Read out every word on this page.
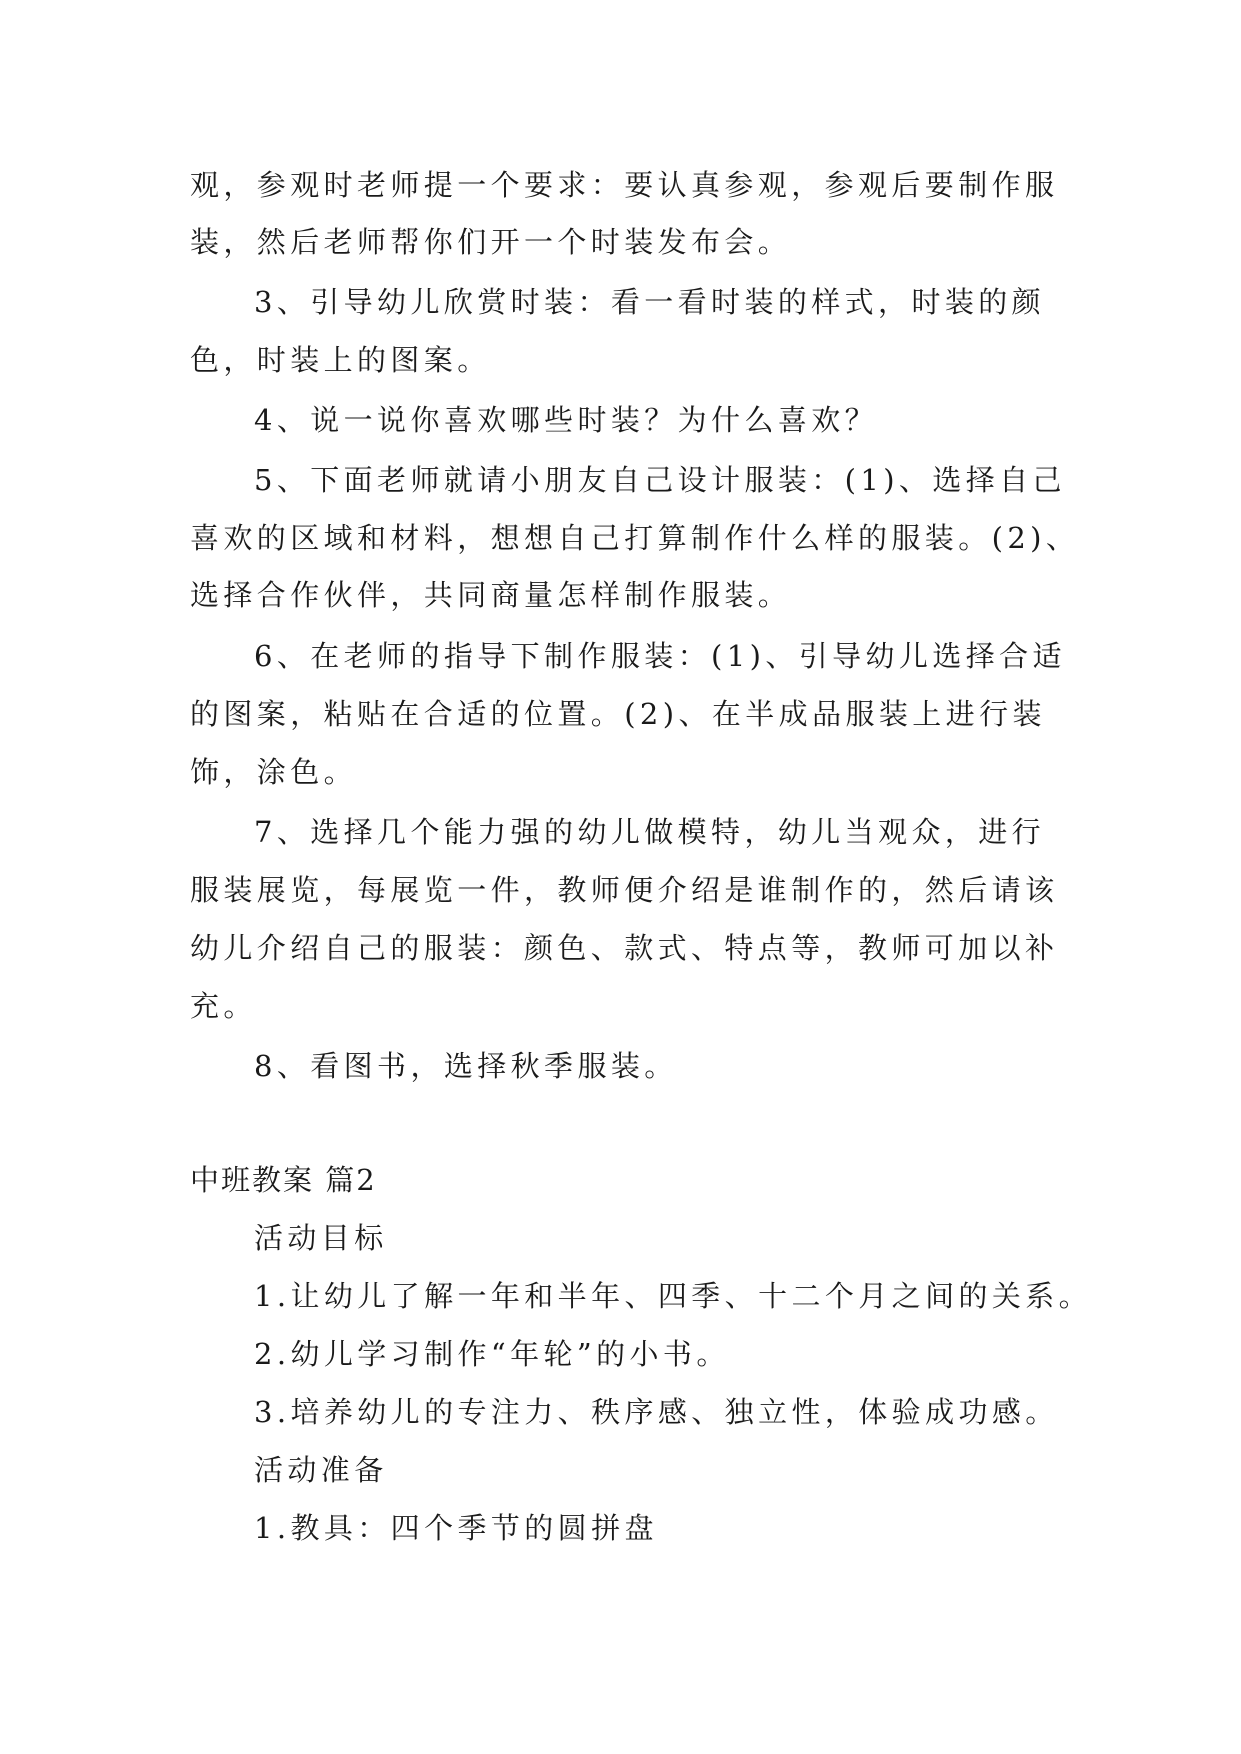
观，参观时老师提一个要求：要认真参观，参观后要制作服
装，然后老师帮你们开一个时装发布会。
3、引导幼儿欣赏时装：看一看时装的样式，时装的颜
色，时装上的图案。
4、说一说你喜欢哪些时装？为什么喜欢？
5、下面老师就请小朋友自己设计服装：(1)、选择自己
喜欢的区域和材料，想想自己打算制作什么样的服装。(2)、
选择合作伙伴，共同商量怎样制作服装。
6、在老师的指导下制作服装：(1)、引导幼儿选择合适
的图案，粘贴在合适的位置。(2)、在半成品服装上进行装
饰，涂色。
7、选择几个能力强的幼儿做模特，幼儿当观众，进行
服装展览，每展览一件，教师便介绍是谁制作的，然后请该
幼儿介绍自己的服装：颜色、款式、特点等，教师可加以补
充。
8、看图书，选择秋季服装。
中班教案 篇2
活动目标
1.让幼儿了解一年和半年、四季、十二个月之间的关系。
2.幼儿学习制作“年轮”的小书。
3.培养幼儿的专注力、秩序感、独立性，体验成功感。
活动准备
1.教具：四个季节的圆拼盘
